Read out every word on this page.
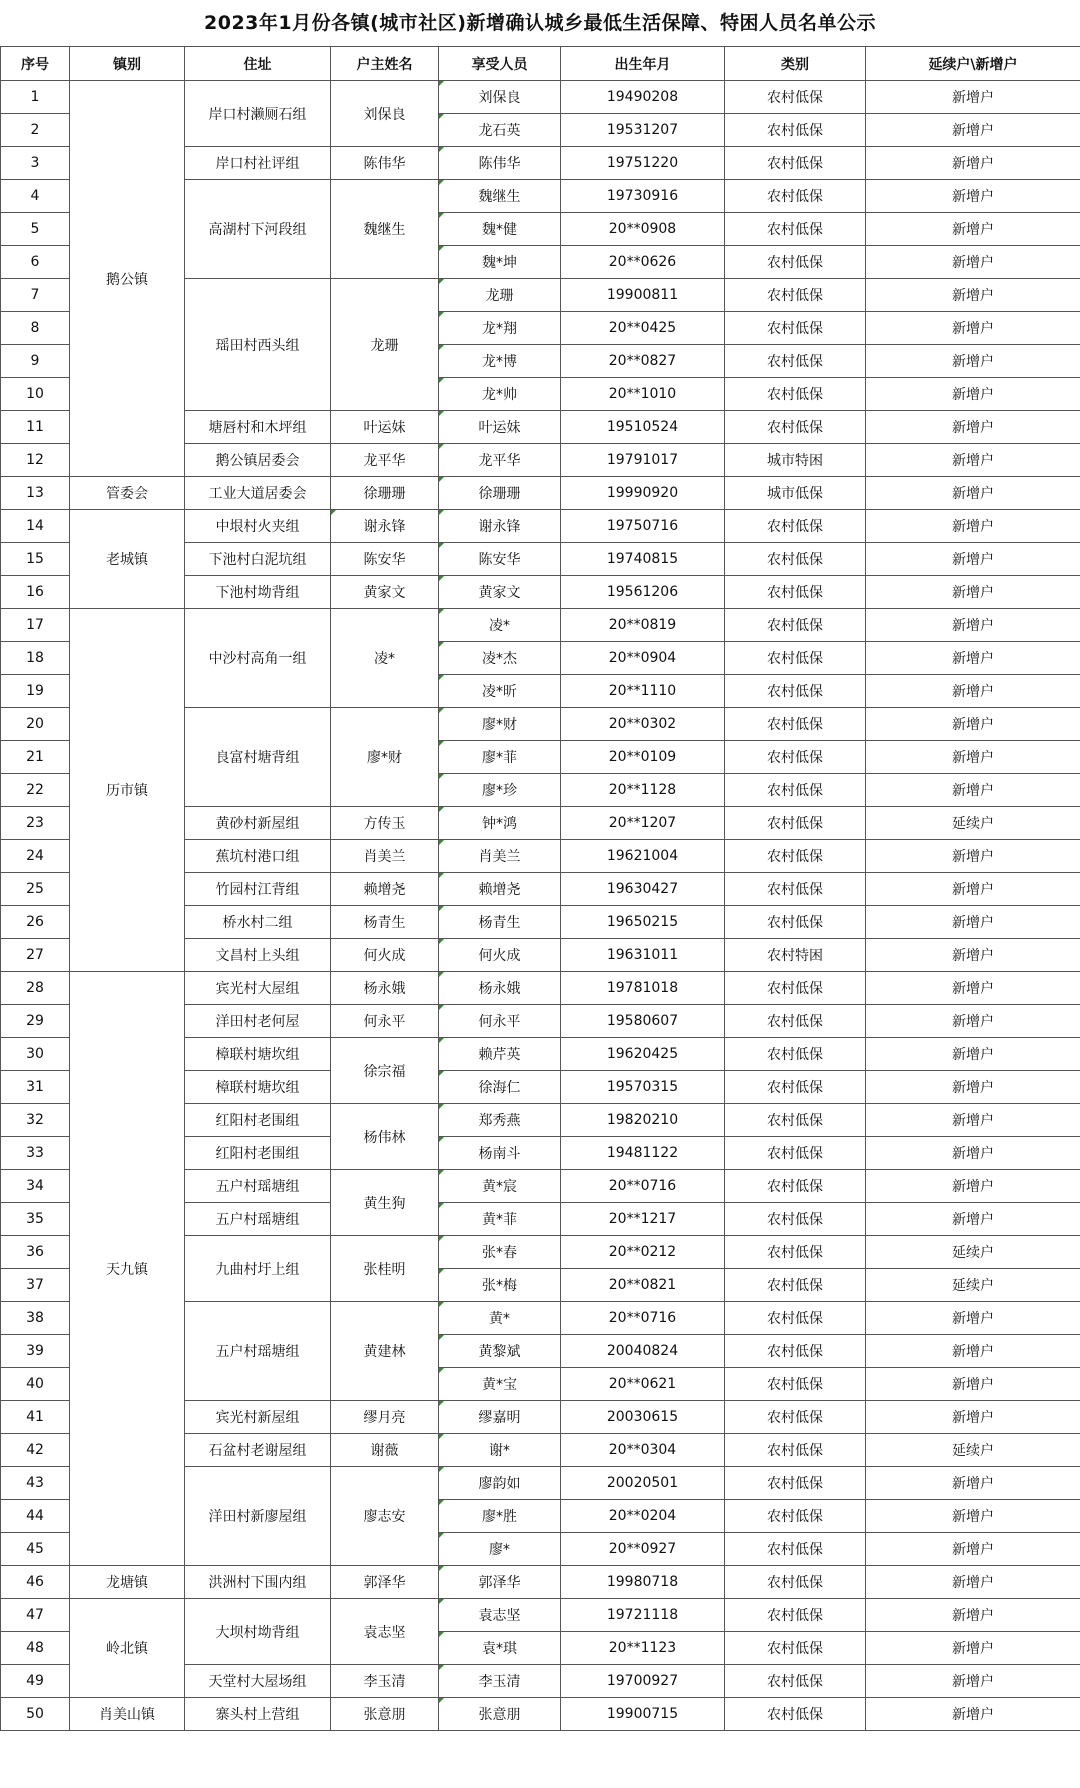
2023年1月份各镇(城市社区)新增确认城乡最低生活保障、特困人员名单公示
序号	镇别	住址	户主姓名	享受人员	出生年月	类别	延续户\新增户
1	鹅公镇	岸口村濑厕石组	刘保良	刘保良	19490208	农村低保	新增户
2				龙石英	19531207	农村低保	新增户
3		岸口村社评组	陈伟华	陈伟华	19751220	农村低保	新增户
4		高湖村下河段组	魏继生	魏继生	19730916	农村低保	新增户
5				魏*健	20**0908	农村低保	新增户
6				魏*坤	20**0626	农村低保	新增户
7		瑶田村西头组	龙珊	龙珊	19900811	农村低保	新增户
8				龙*翔	20**0425	农村低保	新增户
9				龙*博	20**0827	农村低保	新增户
10				龙*帅	20**1010	农村低保	新增户
11		塘唇村和木坪组	叶运妹	叶运妹	19510524	农村低保	新增户
12		鹅公镇居委会	龙平华	龙平华	19791017	城市特困	新增户
13	管委会	工业大道居委会	徐珊珊	徐珊珊	19990920	城市低保	新增户
14	老城镇	中垠村火夹组	谢永锋	谢永锋	19750716	农村低保	新增户
15		下池村白泥坑组	陈安华	陈安华	19740815	农村低保	新增户
16		下池村坳背组	黄家文	黄家文	19561206	农村低保	新增户
17	历市镇	中沙村高角一组	凌*	凌*	20**0819	农村低保	新增户
18				凌*杰	20**0904	农村低保	新增户
19				凌*昕	20**1110	农村低保	新增户
20		良富村塘背组	廖*财	廖*财	20**0302	农村低保	新增户
21				廖*菲	20**0109	农村低保	新增户
22				廖*珍	20**1128	农村低保	新增户
23		黄砂村新屋组	方传玉	钟*鸿	20**1207	农村低保	延续户
24		蕉坑村港口组	肖美兰	肖美兰	19621004	农村低保	新增户
25		竹园村江背组	赖增尧	赖增尧	19630427	农村低保	新增户
26		桥水村二组	杨青生	杨青生	19650215	农村低保	新增户
27		文昌村上头组	何火成	何火成	19631011	农村特困	新增户
28	天九镇	宾光村大屋组	杨永娥	杨永娥	19781018	农村低保	新增户
29		洋田村老何屋	何永平	何永平	19580607	农村低保	新增户
30		樟联村塘坎组	徐宗福	赖芹英	19620425	农村低保	新增户
31		樟联村塘坎组		徐海仁	19570315	农村低保	新增户
32		红阳村老围组	杨伟林	郑秀燕	19820210	农村低保	新增户
33		红阳村老围组		杨南斗	19481122	农村低保	新增户
34		五户村瑶塘组	黄生狗	黄*宸	20**0716	农村低保	新增户
35		五户村瑶塘组		黄*菲	20**1217	农村低保	新增户
36		九曲村圩上组	张桂明	张*春	20**0212	农村低保	延续户
37				张*梅	20**0821	农村低保	延续户
38		五户村瑶塘组	黄建林	黄*	20**0716	农村低保	新增户
39				黄黎斌	20040824	农村低保	新增户
40				黄*宝	20**0621	农村低保	新增户
41		宾光村新屋组	缪月亮	缪嘉明	20030615	农村低保	新增户
42		石盆村老谢屋组	谢薇	谢*	20**0304	农村低保	延续户
43		洋田村新廖屋组	廖志安	廖韵如	20020501	农村低保	新增户
44				廖*胜	20**0204	农村低保	新增户
45				廖*	20**0927	农村低保	新增户
46	龙塘镇	洪洲村下围内组	郭泽华	郭泽华	19980718	农村低保	新增户
47	岭北镇	大坝村坳背组	袁志坚	袁志坚	19721118	农村低保	新增户
48				袁*琪	20**1123	农村低保	新增户
49		天堂村大屋场组	李玉清	李玉清	19700927	农村低保	新增户
50	肖美山镇	寨头村上营组	张意朋	张意朋	19900715	农村低保	新增户
